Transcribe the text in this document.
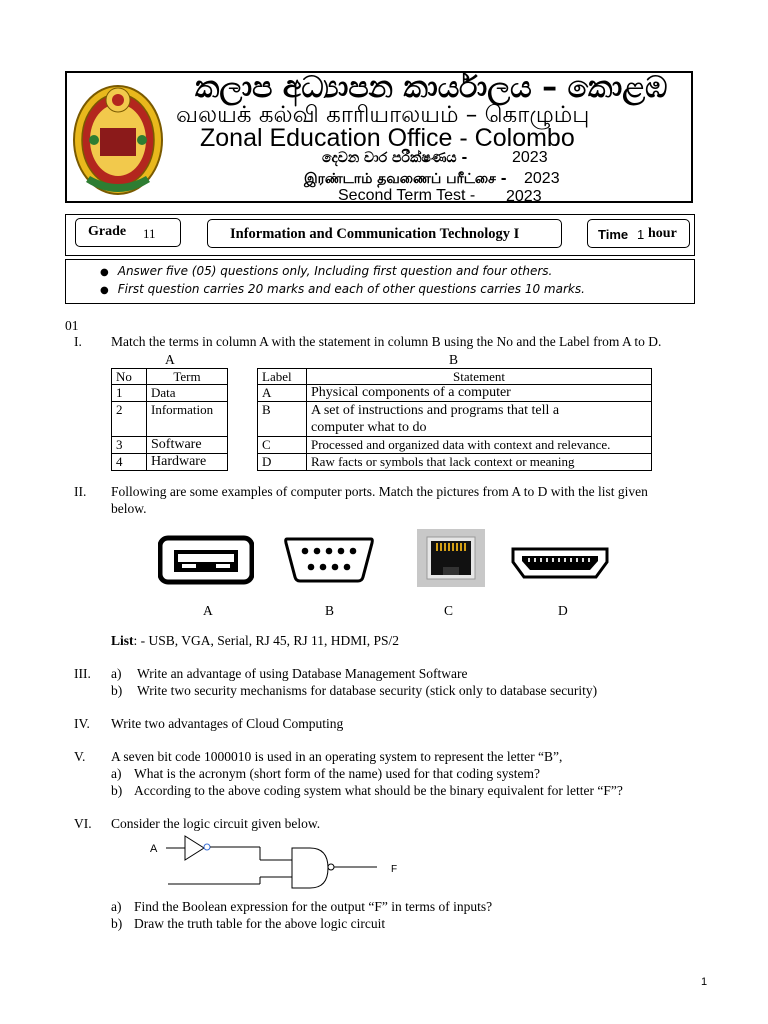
කලාප අධ්‍යාපන කාර්යාලය – කොළඹ
வலயக் கல்வி காரியாலயம் – கொழும்பு
Zonal Education Office - Colombo
දෙවන වාර පරීක්ෂණය -	2023
இரண்டாம் தவணைப் பரீட்சை - 2023
Second Term Test - 2023
Grade 11	Information and Communication Technology I	Time 1 hour
● Answer five (05) questions only, Including first question and four others.
● First question carries 20 marks and each of other questions carries 10 marks.
01
I. Match the terms in column A with the statement in column B using the No and the Label from A to D.
A	B
No	Term
1	Data
2	Information
3	Software
4	Hardware
Label	Statement
A	Physical components of a computer
B	A set of instructions and programs that tell a computer what to do
C	Processed and organized data with context and relevance.
D	Raw facts or symbols that lack context or meaning
II. Following are some examples of computer ports. Match the pictures from A to D with the list given
below.
A	B	C	D
List: - USB, VGA, Serial, RJ 45, RJ 11, HDMI, PS/2
III. a) Write an advantage of using Database Management Software
b) Write two security mechanisms for database security (stick only to database security)
IV. Write two advantages of Cloud Computing
V. A seven bit code 1000010 is used in an operating system to represent the letter “B”,
a) What is the acronym (short form of the name) used for that coding system?
b) According to the above coding system what should be the binary equivalent for letter “F”?
VI. Consider the logic circuit given below.
A
F
a) Find the Boolean expression for the output “F” in terms of inputs?
b) Draw the truth table for the above logic circuit
1
